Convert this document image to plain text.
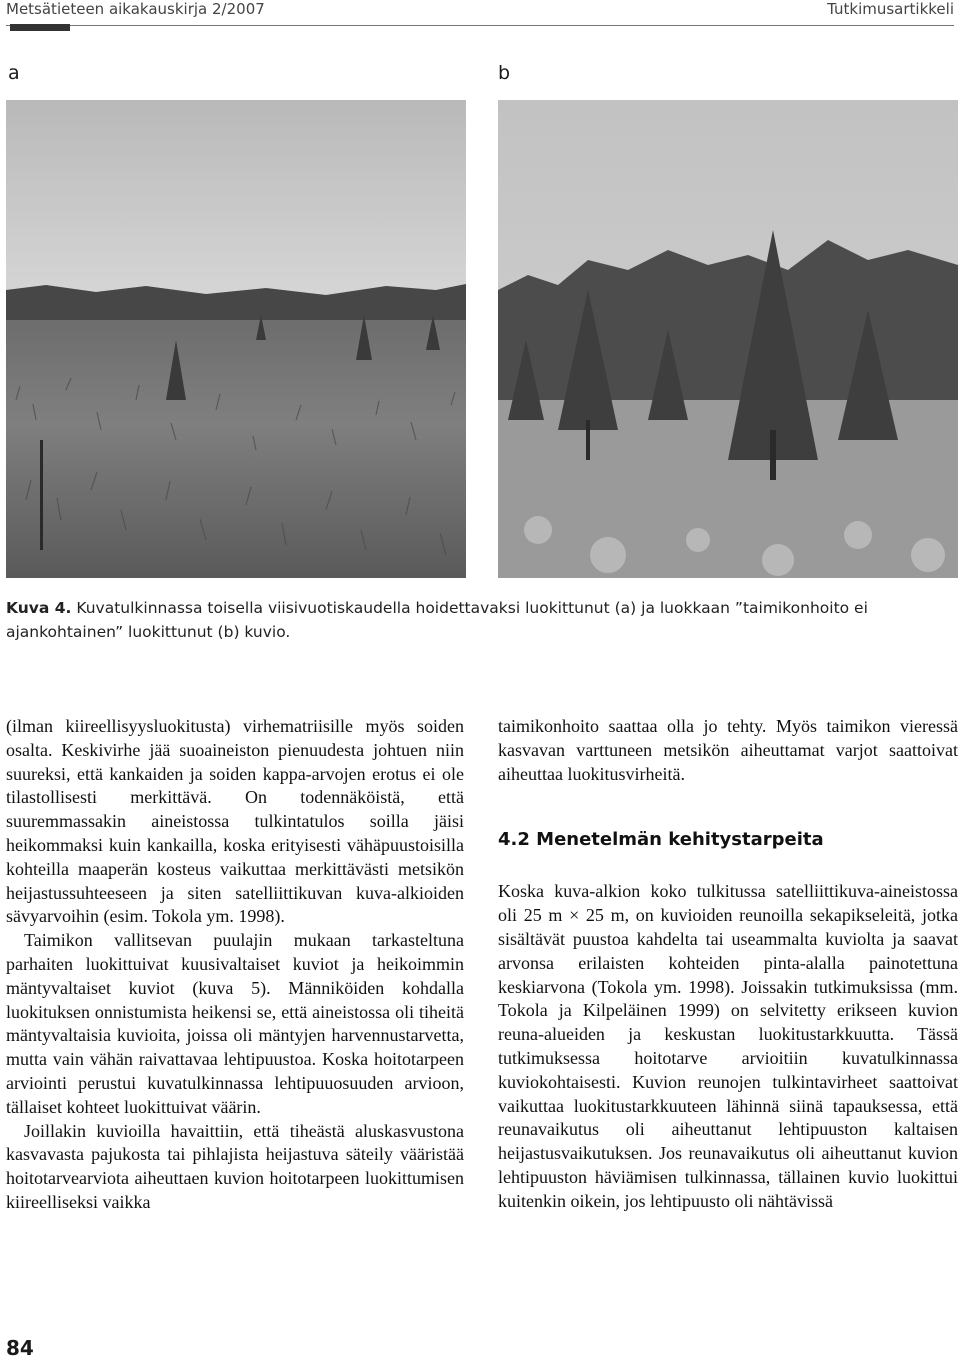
Metsätieteen aikakauskirja 2/2007	Tutkimusartikkeli
a	b
Kuva 4. Kuvatulkinnassa toisella viisivuotiskaudella hoidettavaksi luokittunut (a) ja luokkaan ”taimikonhoito ei ajankohtainen” luokittunut (b) kuvio.

(ilman kiireellisyysluokitusta) virhematriisille myös soiden osalta. Keskivirhe jää suoaineiston pienuudesta johtuen niin suureksi, että kankaiden ja soiden kappa-arvojen erotus ei ole tilastollisesti merkittävä. On todennäköistä, että suuremmassakin aineistossa tulkintatulos soilla jäisi heikommaksi kuin kankailla, koska erityisesti vähäpuustoisilla kohteilla maaperän kosteus vaikuttaa merkittävästi metsikön heijastussuhteeseen ja siten satelliittikuvan kuva-alkioiden sävyarvoihin (esim. Tokola ym. 1998).

Taimikon vallitsevan puulajin mukaan tarkasteltuna parhaiten luokittuivat kuusivaltaiset kuviot ja heikoimmin mäntyvaltaiset kuviot (kuva 5). Männiköiden kohdalla luokituksen onnistumista heikensi se, että aineistossa oli tiheitä mäntyvaltaisia kuvioita, joissa oli mäntyjen harvennustarvetta, mutta vain vähän raivattavaa lehtipuustoa. Koska hoitotarpeen arviointi perustui kuvatulkinnassa lehtipuuosuuden arvioon, tällaiset kohteet luokittuivat väärin.

Joillakin kuvioilla havaittiin, että tiheästä aluskasvustona kasvavasta pajukosta tai pihlajista heijastuva säteily vääristää hoitotarvearviota aiheuttaen kuvion hoitotarpeen luokittumisen kiireelliseksi vaikka

taimikonhoito saattaa olla jo tehty. Myös taimikon vieressä kasvavan varttuneen metsikön aiheuttamat varjot saattoivat aiheuttaa luokitusvirheitä.

4.2 Menetelmän kehitystarpeita

Koska kuva-alkion koko tulkitussa satelliittikuva-aineistossa oli 25 m × 25 m, on kuvioiden reunoilla sekapikseleitä, jotka sisältävät puustoa kahdelta tai useammalta kuviolta ja saavat arvonsa erilaisten kohteiden pinta-alalla painotettuna keskiarvona (Tokola ym. 1998). Joissakin tutkimuksissa (mm. Tokola ja Kilpeläinen 1999) on selvitetty erikseen kuvion reuna-alueiden ja keskustan luokitustarkkuutta. Tässä tutkimuksessa hoitotarve arvioitiin kuvatulkinnassa kuviokohtaisesti. Kuvion reunojen tulkintavirheet saattoivat vaikuttaa luokitustarkkuuteen lähinnä siinä tapauksessa, että reunavaikutus oli aiheuttanut lehtipuuston kaltaisen heijastusvaikutuksen. Jos reunavaikutus oli aiheuttanut kuvion lehtipuuston häviämisen tulkinnassa, tällainen kuvio luokittui kuitenkin oikein, jos lehtipuusto oli nähtävissä

84
